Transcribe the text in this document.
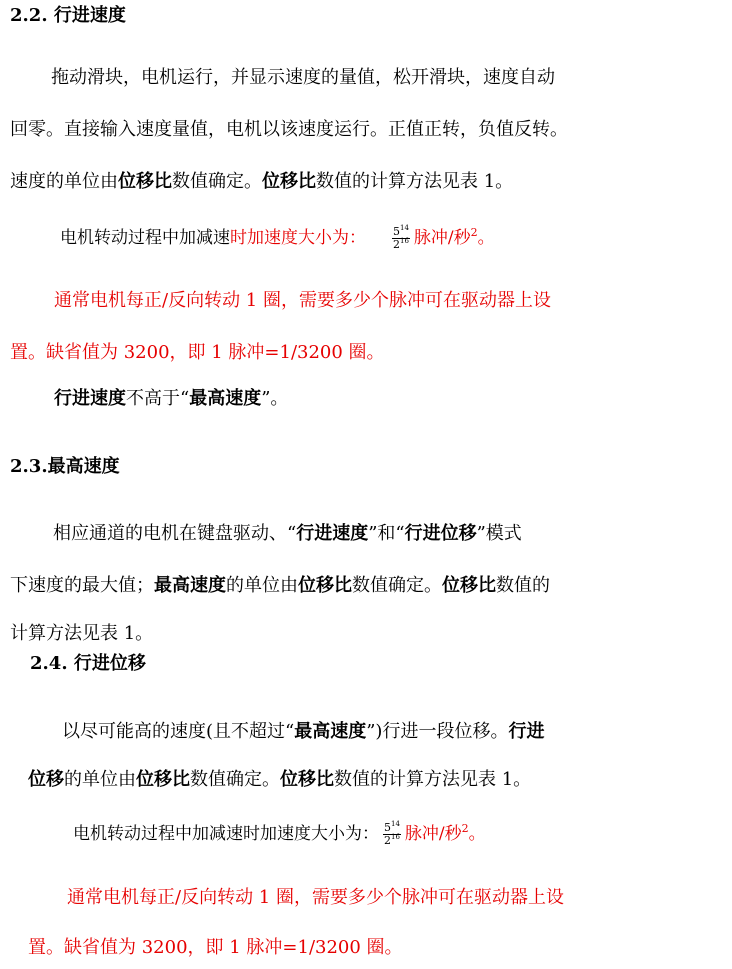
2.2. 行进速度
拖动滑块，电机运行，并显示速度的量值，松开滑块，速度自动
回零。直接输入速度量值，电机以该速度运行。正值正转，负值反转。
速度的单位由位移比数值确定。位移比数值的计算方法见表 1。
电机转动过程中加减速时加速度大小为： $\frac{5^{14}}{2^{16}}$ 脉冲/秒$^2$。
通常电机每正/反向转动 1 圈，需要多少个脉冲可在驱动器上设
置。缺省值为 3200，即 1 脉冲=1/3200 圈。
行进速度不高于“最高速度”。
2.3.最高速度
相应通道的电机在键盘驱动、“行进速度”和“行进位移”模式
下速度的最大值；最高速度的单位由位移比数值确定。位移比数值的
计算方法见表 1。
2.4. 行进位移
以尽可能高的速度(且不超过“最高速度”)行进一段位移。行进
位移的单位由位移比数值确定。位移比数值的计算方法见表 1。
电机转动过程中加减速时加速度大小为： $\frac{5^{14}}{2^{16}}$ 脉冲/秒$^2$。
通常电机每正/反向转动 1 圈，需要多少个脉冲可在驱动器上设
置。缺省值为 3200，即 1 脉冲=1/3200 圈。
